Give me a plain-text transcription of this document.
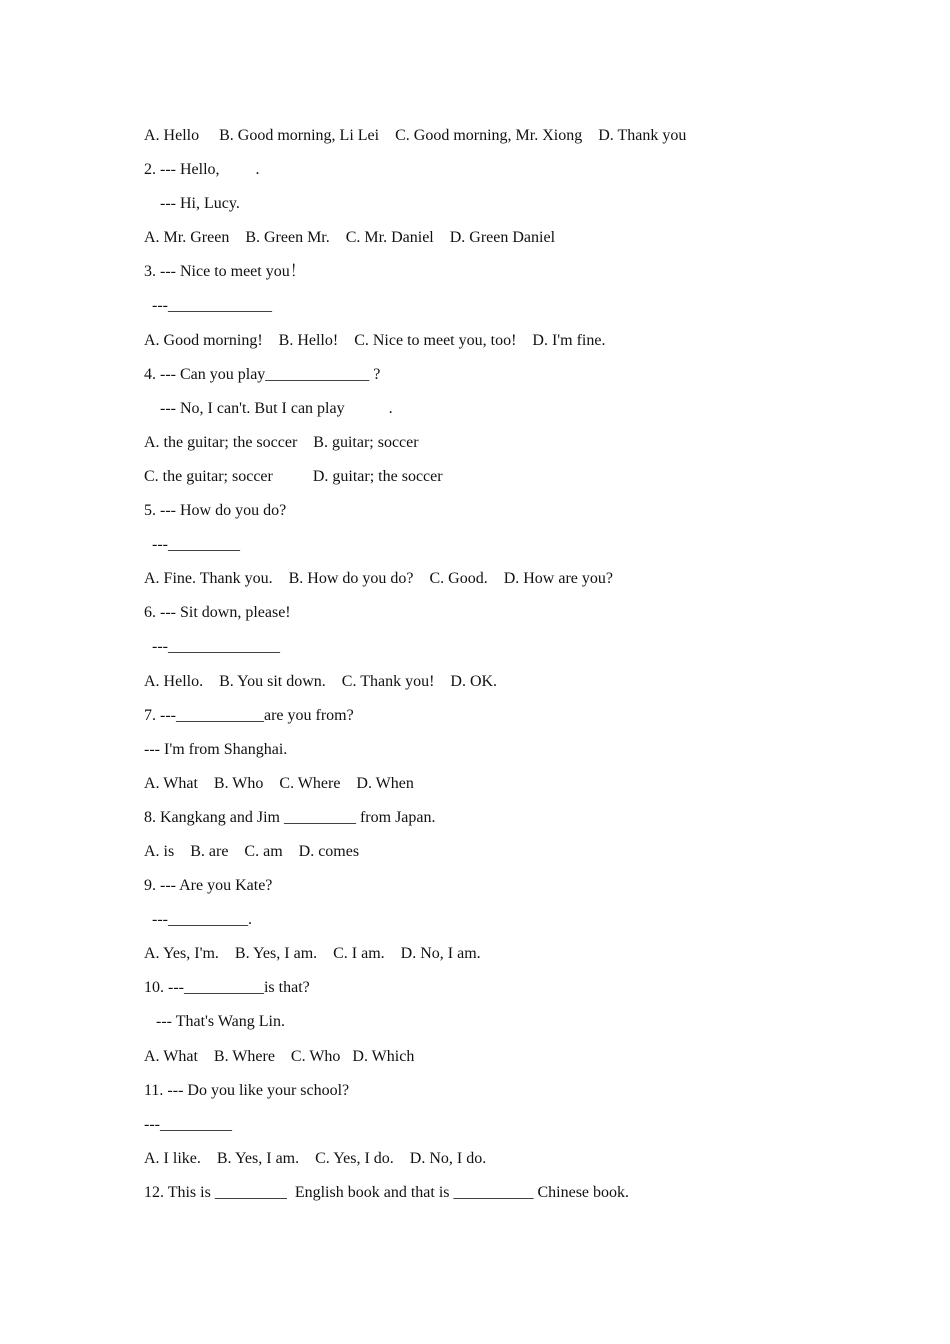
A. Hello     B. Good morning, Li Lei    C. Good morning, Mr. Xiong    D. Thank you
2. --- Hello,         .
--- Hi, Lucy.
A. Mr. Green    B. Green Mr.    C. Mr. Daniel    D. Green Daniel
3. --- Nice to meet you！
---_____________
A. Good morning!    B. Hello!    C. Nice to meet you, too!    D. I'm fine.
4. --- Can you play_____________ ?
--- No, I can't. But I can play           .
A. the guitar; the soccer    B. guitar; soccer
C. the guitar; soccer          D. guitar; the soccer
5. --- How do you do?
---_________
A. Fine. Thank you.    B. How do you do?    C. Good.    D. How are you?
6. --- Sit down, please!
---______________
A. Hello.    B. You sit down.    C. Thank you!    D. OK.
7. ---___________are you from?
--- I'm from Shanghai.
A. What    B. Who    C. Where    D. When
8. Kangkang and Jim _________ from Japan.
A. is    B. are    C. am    D. comes
9. --- Are you Kate?
---__________.
A. Yes, I'm.    B. Yes, I am.    C. I am.    D. No, I am.
10. ---__________is that?
--- That's Wang Lin.
A. What    B. Where    C. Who   D. Which
11. --- Do you like your school?
---_________
A. I like.    B. Yes, I am.    C. Yes, I do.    D. No, I do.
12. This is _________  English book and that is __________ Chinese book.
